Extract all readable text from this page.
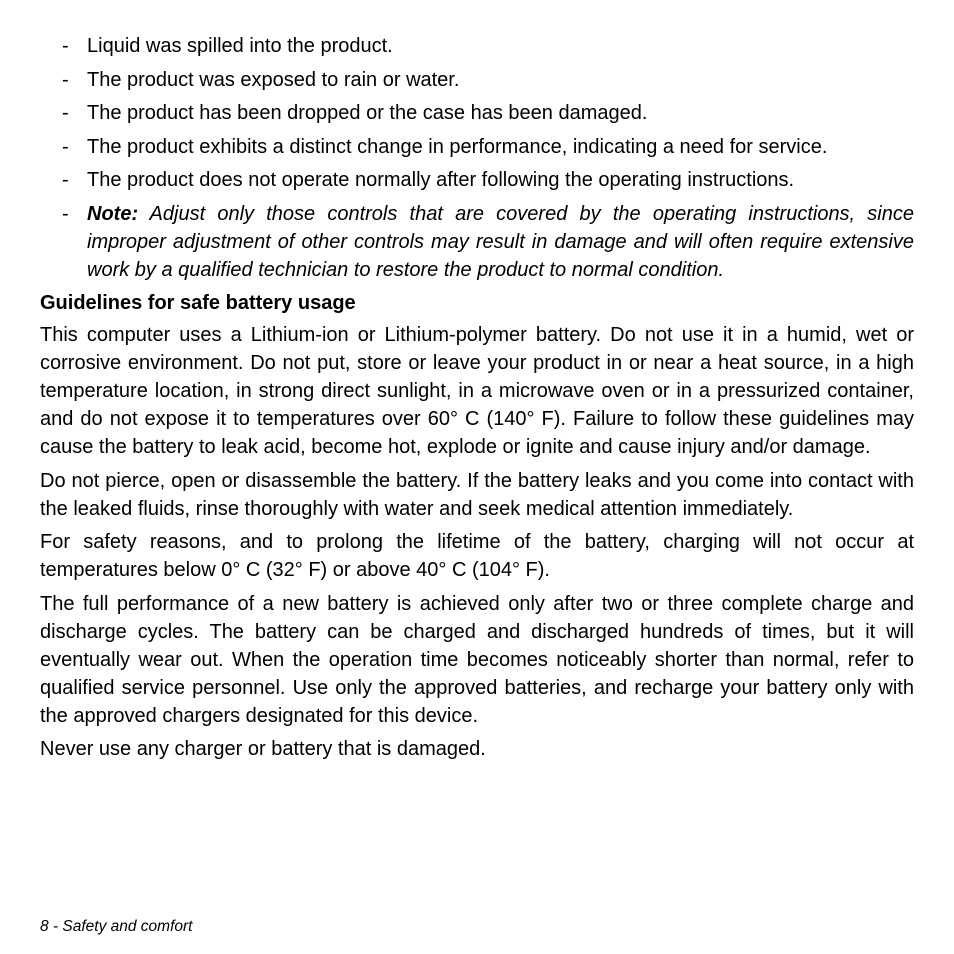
- Liquid was spilled into the product.
- The product was exposed to rain or water.
- The product has been dropped or the case has been damaged.
- The product exhibits a distinct change in performance, indicating a need for service.
- The product does not operate normally after following the operating instructions.
- Note: Adjust only those controls that are covered by the operating instructions, since improper adjustment of other controls may result in damage and will often require extensive work by a qualified technician to restore the product to normal condition.
Guidelines for safe battery usage

This computer uses a Lithium-ion or Lithium-polymer battery. Do not use it in a humid, wet or corrosive environment. Do not put, store or leave your product in or near a heat source, in a high temperature location, in strong direct sunlight, in a microwave oven or in a pressurized container, and do not expose it to temperatures over 60° C (140° F). Failure to follow these guidelines may cause the battery to leak acid, become hot, explode or ignite and cause injury and/or damage.

Do not pierce, open or disassemble the battery. If the battery leaks and you come into contact with the leaked fluids, rinse thoroughly with water and seek medical attention immediately.

For safety reasons, and to prolong the lifetime of the battery, charging will not occur at temperatures below 0° C (32° F) or above 40° C (104° F).

The full performance of a new battery is achieved only after two or three complete charge and discharge cycles. The battery can be charged and discharged hundreds of times, but it will eventually wear out. When the operation time becomes noticeably shorter than normal, refer to qualified service personnel. Use only the approved batteries, and recharge your battery only with the approved chargers designated for this device.

Never use any charger or battery that is damaged.

8 - Safety and comfort
